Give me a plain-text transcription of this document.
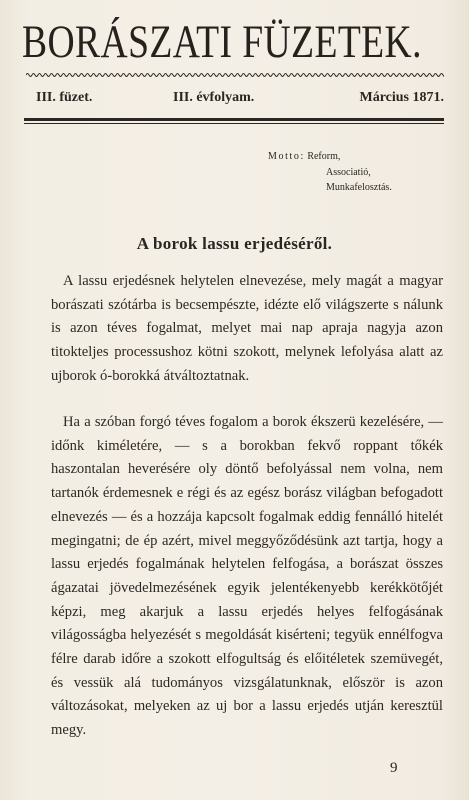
BORÁSZATI FÜZETEK.
III. füzet.	III. évfolyam.	Március 1871.
Motto: Reform,
Associatió,
Munkafelosztás.
A borok lassu erjedéséről.

A lassu erjedésnek helytelen elnevezése, mely magát a magyar borászati szótárba is becsempészte, idézte elő világszerte s nálunk is azon téves fogalmat, melyet mai nap apraja nagyja azon titokteljes processushoz kötni szokott, melynek lefolyása alatt az ujborok ó-borokká átváltoztatnak.

Ha a szóban forgó téves fogalom a borok ékszerü kezelésére, — időnk kiméletére, — s a borokban fekvő roppant tőkék haszontalan heverésére oly döntő befolyással nem volna, nem tartanók érdemesnek e régi és az egész borász világban befogadott elnevezés — és a hozzája kapcsolt fogalmak eddig fennálló hitelét megingatni; de ép azért, mivel meggyőződésünk azt tartja, hogy a lassu erjedés fogalmának helytelen felfogása, a borászat összes ágazatai jövedelmezésének egyik jelentékenyebb kerékkötőjét képzi, meg akarjuk a lassu erjedés helyes felfogásának világosságba helyezését s megoldását kisérteni; tegyük ennélfogva félre darab időre a szokott elfogultság és előitéletek szemüvegét, és vessük alá tudományos vizsgálatunknak, először is azon változásokat, melyeken az uj bor a lassu erjedés utján keresztül megy.

9
